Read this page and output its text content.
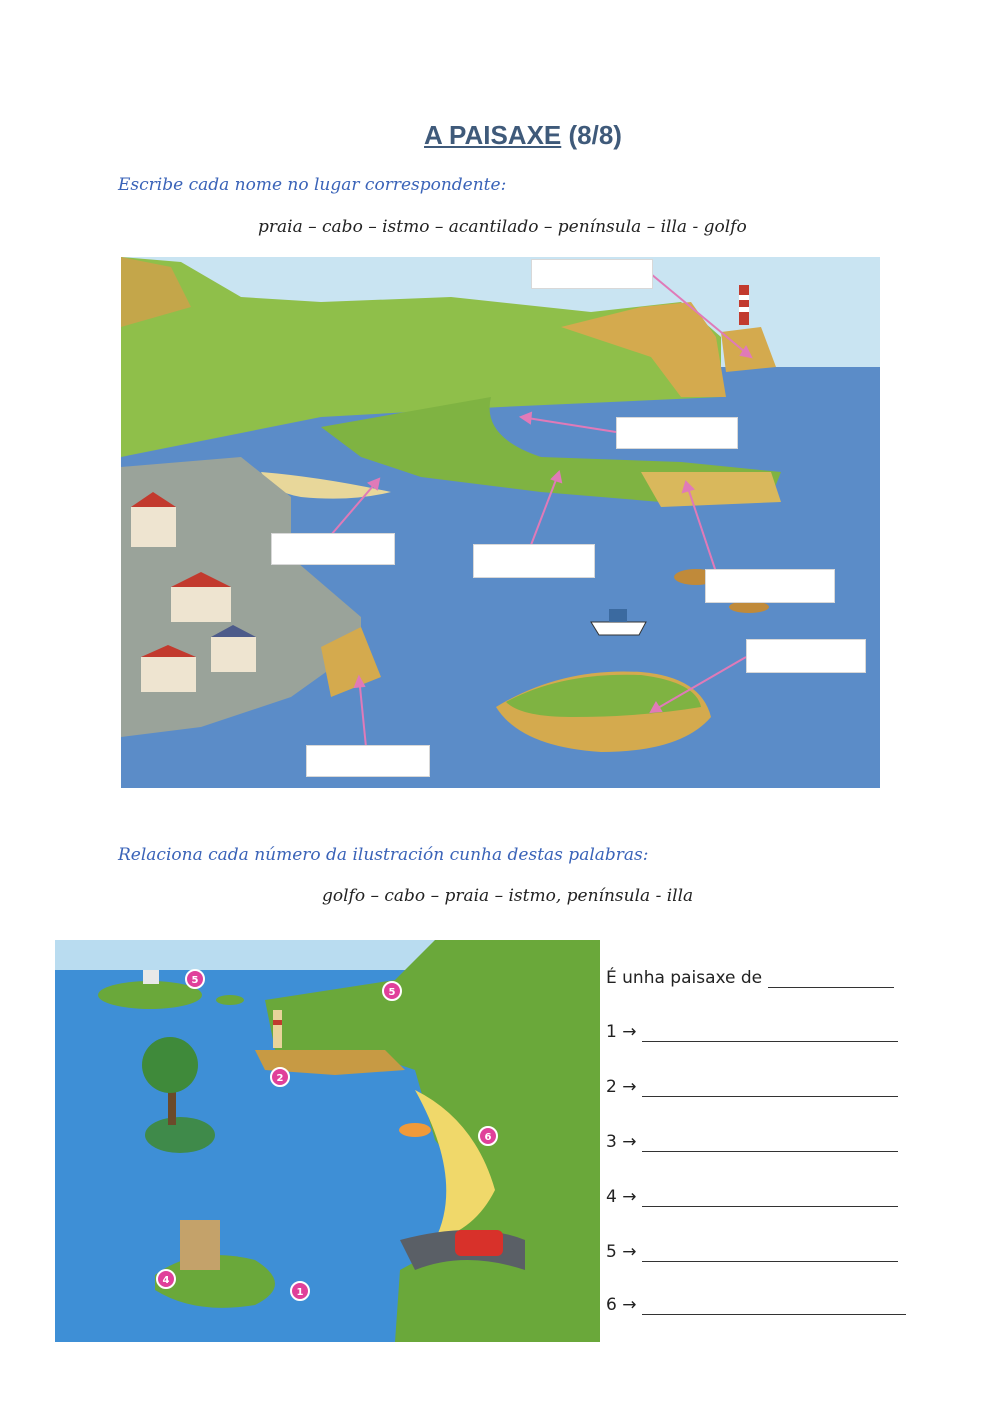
A PAISAXE (8/8)
Escribe cada nome no lugar correspondente:
praia – cabo – istmo – acantilado – península – illa - golfo
Relaciona cada número da ilustración cunha destas palabras:
golfo – cabo – praia – istmo, península - illa
5
5
2
6
4
1
É unha paisaxe de
1 →
2 →
3 →
4 →
5 →
6 →
